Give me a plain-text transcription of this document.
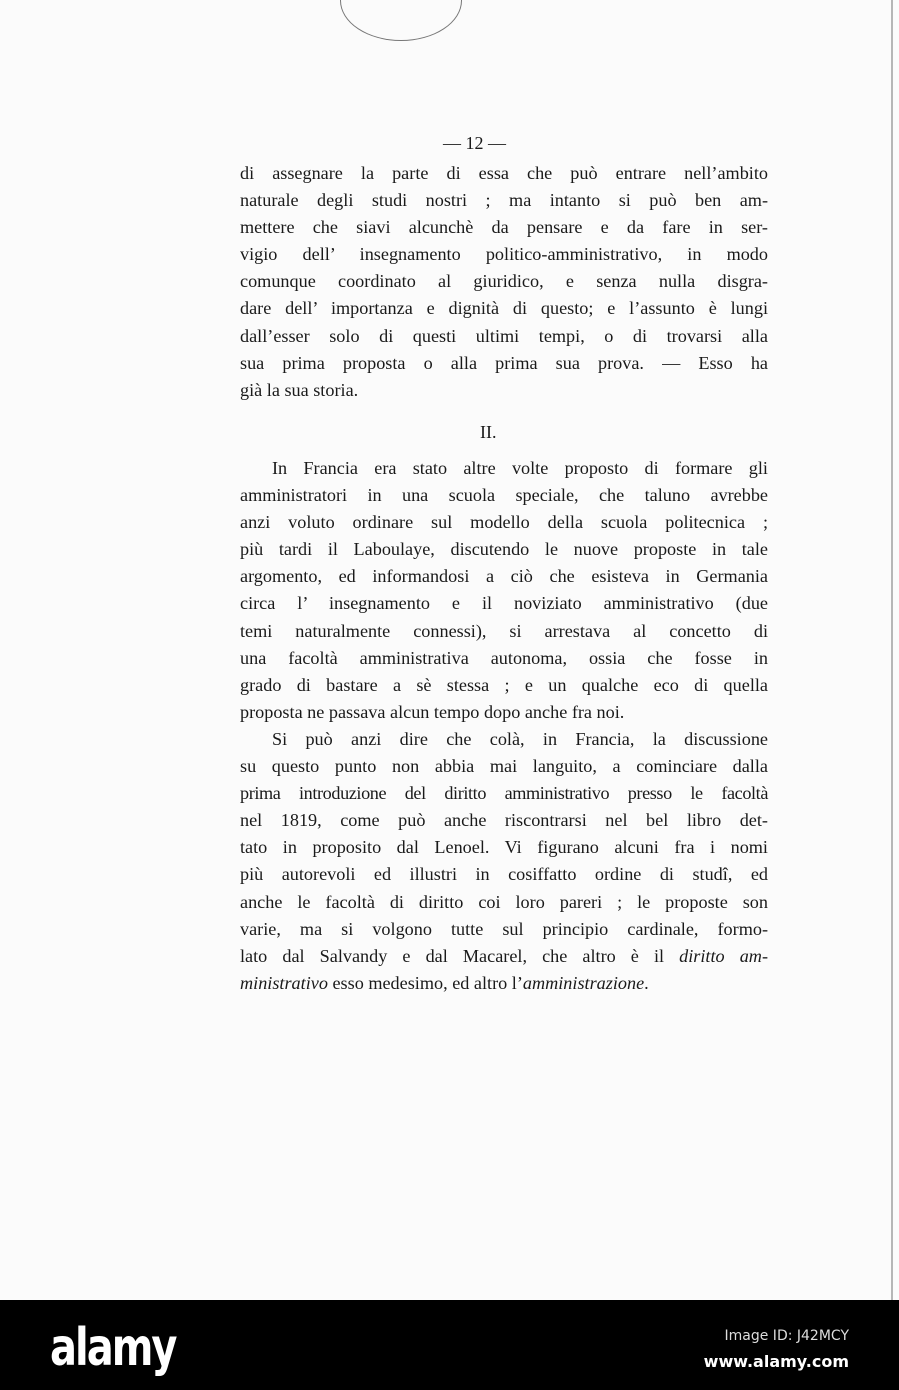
— 12 —
di assegnare la parte di essa che può entrare nell’ambito
naturale degli studi nostri ; ma intanto si può ben am-
mettere che siavi alcunchè da pensare e da fare in ser-
vigio dell’ insegnamento politico-amministrativo, in modo
comunque coordinato al giuridico, e senza nulla disgra-
dare dell’ importanza e dignità di questo; e l’assunto è lungi
dall’esser solo di questi ultimi tempi, o di trovarsi alla
sua prima proposta o alla prima sua prova. — Esso ha
già la sua storia.
II.
In Francia era stato altre volte proposto di formare gli
amministratori in una scuola speciale, che taluno avrebbe
anzi voluto ordinare sul modello della scuola politecnica ;
più tardi il Laboulaye, discutendo le nuove proposte in tale
argomento, ed informandosi a ciò che esisteva in Germania
circa l’ insegnamento e il noviziato amministrativo (due
temi naturalmente connessi), si arrestava al concetto di
una facoltà amministrativa autonoma, ossia che fosse in
grado di bastare a sè stessa ; e un qualche eco di quella
proposta ne passava alcun tempo dopo anche fra noi.
Si può anzi dire che colà, in Francia, la discussione
su questo punto non abbia mai languito, a cominciare dalla
prima introduzione del diritto amministrativo presso le facoltà
nel 1819, come può anche riscontrarsi nel bel libro det-
tato in proposito dal Lenoel. Vi figurano alcuni fra i nomi
più autorevoli ed illustri in cosiffatto ordine di studî, ed
anche le facoltà di diritto coi loro pareri ; le proposte son
varie, ma si volgono tutte sul principio cardinale, formo-
lato dal Salvandy e dal Macarel, che altro è il diritto am-
ministrativo esso medesimo, ed altro l’amministrazione.
alamy	Image ID: J42MCY
www.alamy.com
